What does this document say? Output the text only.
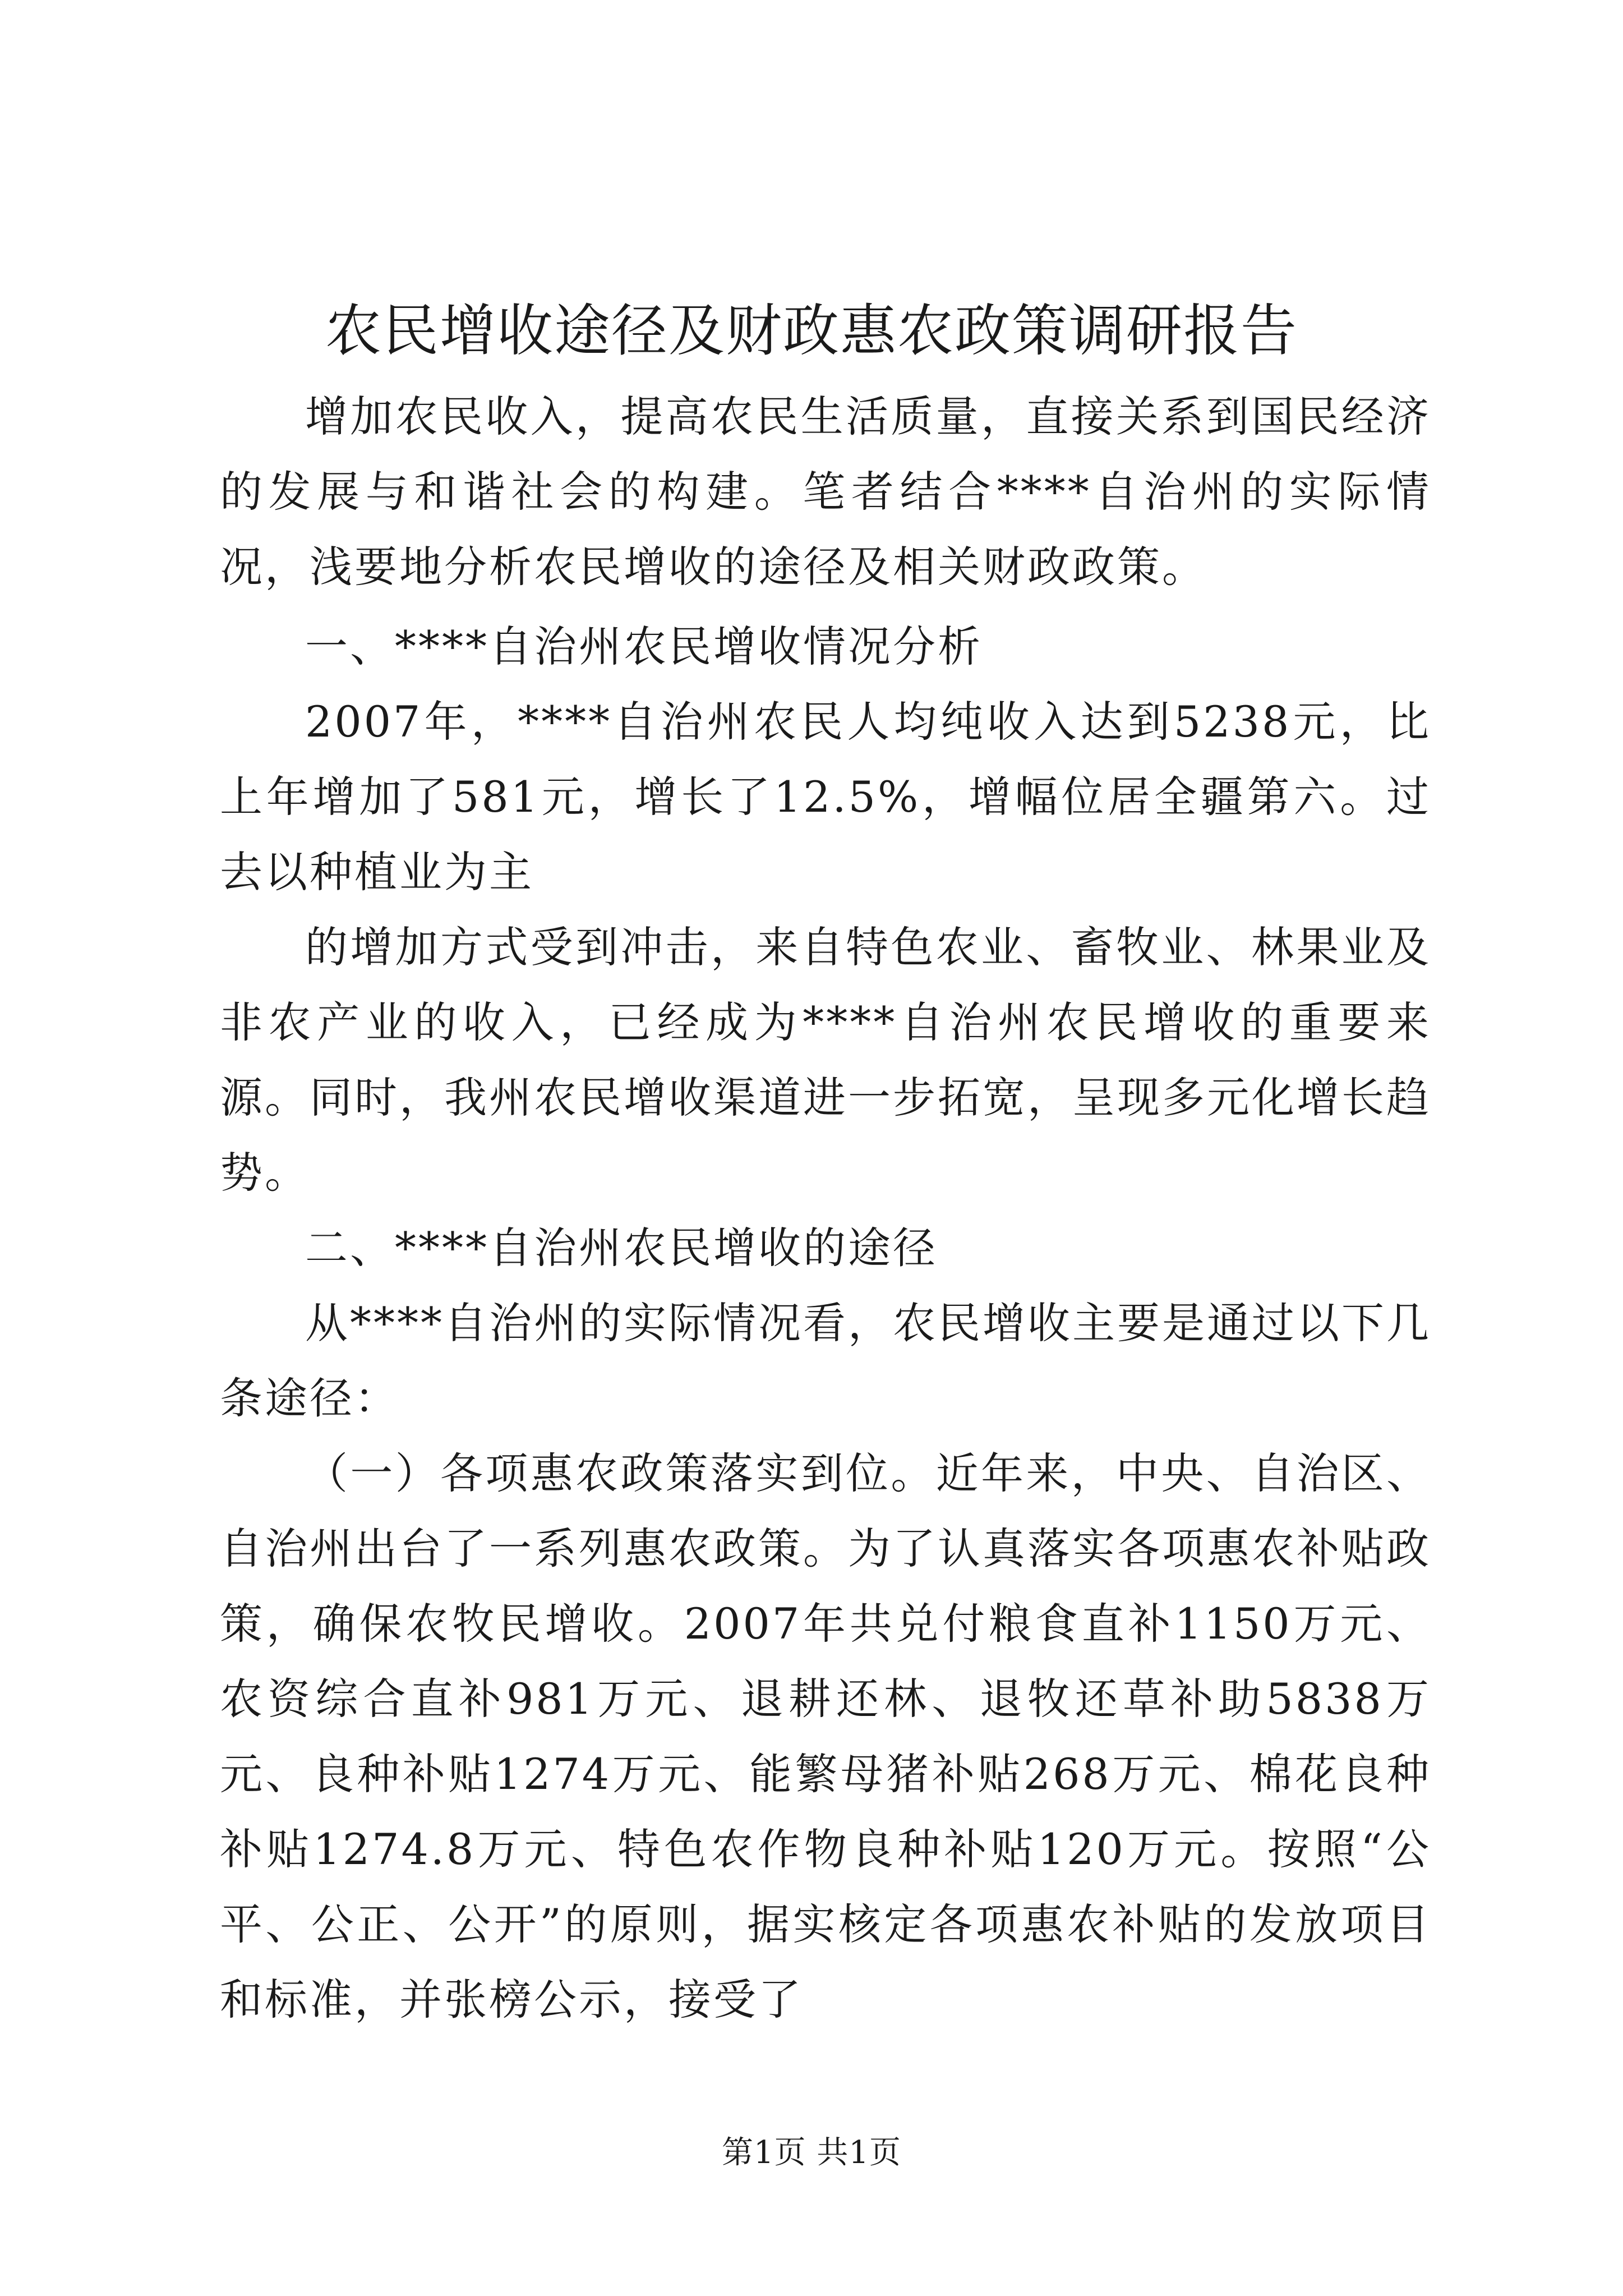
农民增收途径及财政惠农政策调研报告

增加农民收入，提高农民生活质量，直接关系到国民经济的发展与和谐社会的构建。笔者结合****自治州的实际情况，浅要地分析农民增收的途径及相关财政政策。

一、****自治州农民增收情况分析

2007年，****自治州农民人均纯收入达到5238元，比上年增加了581元，增长了12.5%，增幅位居全疆第六。过去以种植业为主

的增加方式受到冲击，来自特色农业、畜牧业、林果业及非农产业的收入，已经成为****自治州农民增收的重要来源。同时，我州农民增收渠道进一步拓宽，呈现多元化增长趋势。

二、****自治州农民增收的途径

从****自治州的实际情况看，农民增收主要是通过以下几条途径：

（一）各项惠农政策落实到位。近年来，中央、自治区、自治州出台了一系列惠农政策。为了认真落实各项惠农补贴政策，确保农牧民增收。2007年共兑付粮食直补1150万元、农资综合直补981万元、退耕还林、退牧还草补助5838万元、良种补贴1274万元、能繁母猪补贴268万元、棉花良种补贴1274.8万元、特色农作物良种补贴120万元。按照“公平、公正、公开”的原则，据实核定各项惠农补贴的发放项目和标准，并张榜公示，接受了

第1页 共1页
